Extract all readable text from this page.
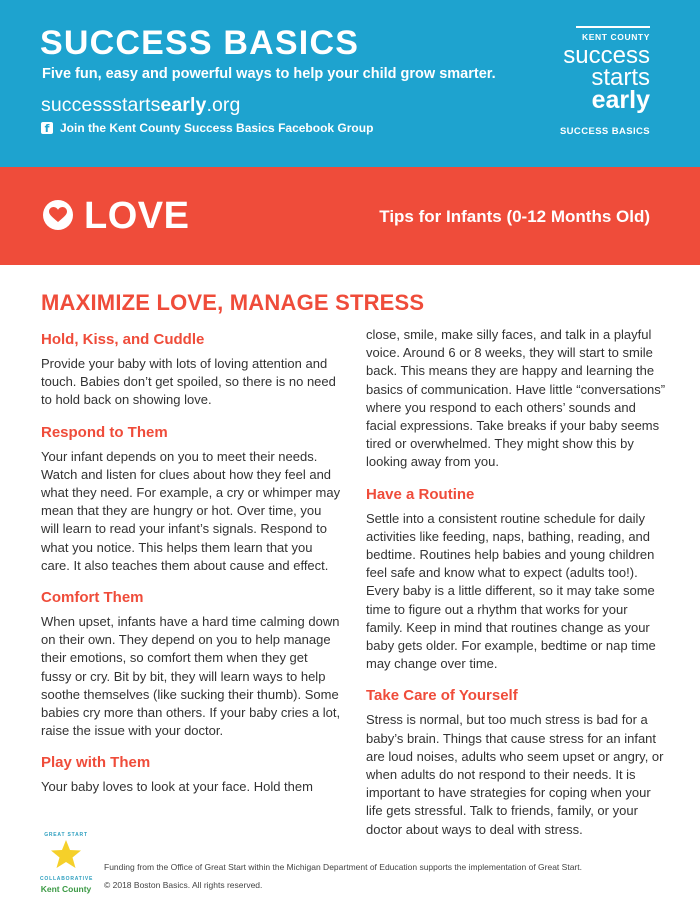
SUCCESS BASICS
Five fun, easy and powerful ways to help your child grow smarter.
successstartsearly.org
f Join the Kent County Success Basics Facebook Group
KENT COUNTY
success
starts
early
SUCCESS BASICS
LOVE	Tips for Infants (0-12 Months Old)
MAXIMIZE LOVE, MANAGE STRESS
Hold, Kiss, and Cuddle
Provide your baby with lots of loving attention and touch. Babies don’t get spoiled, so there is no need to hold back on showing love.
Respond to Them
Your infant depends on you to meet their needs. Watch and listen for clues about how they feel and what they need. For example, a cry or whimper may mean that they are hungry or hot. Over time, you will learn to read your infant’s signals. Respond to what you notice. This helps them learn that you care. It also teaches them about cause and effect.
Comfort Them
When upset, infants have a hard time calming down on their own. They depend on you to help manage their emotions, so comfort them when they get fussy or cry. Bit by bit, they will learn ways to help soothe themselves (like sucking their thumb). Some babies cry more than others. If your baby cries a lot, raise the issue with your doctor.
Play with Them
Your baby loves to look at your face. Hold them
close, smile, make silly faces, and talk in a playful voice. Around 6 or 8 weeks, they will start to smile back. This means they are happy and learning the basics of communication. Have little “conversations” where you respond to each others’ sounds and facial expressions. Take breaks if your baby seems tired or overwhelmed. They might show this by looking away from you.
Have a Routine
Settle into a consistent routine schedule for daily activities like feeding, naps, bathing, reading, and bedtime. Routines help babies and young children feel safe and know what to expect (adults too!). Every baby is a little different, so it may take some time to figure out a rhythm that works for your family. Keep in mind that routines change as your baby gets older. For example, bedtime or nap time may change over time.
Take Care of Yourself
Stress is normal, but too much stress is bad for a baby’s brain. Things that cause stress for an infant are loud noises, adults who seem upset or angry, or when adults do not respond to their needs. It is important to have strategies for coping when your life gets stressful. Talk to friends, family, or your doctor about ways to deal with stress.
GREAT START
COLLABORATIVE
Kent County
Funding from the Office of Great Start within the Michigan Department of Education supports the implementation of Great Start.
© 2018 Boston Basics. All rights reserved.
